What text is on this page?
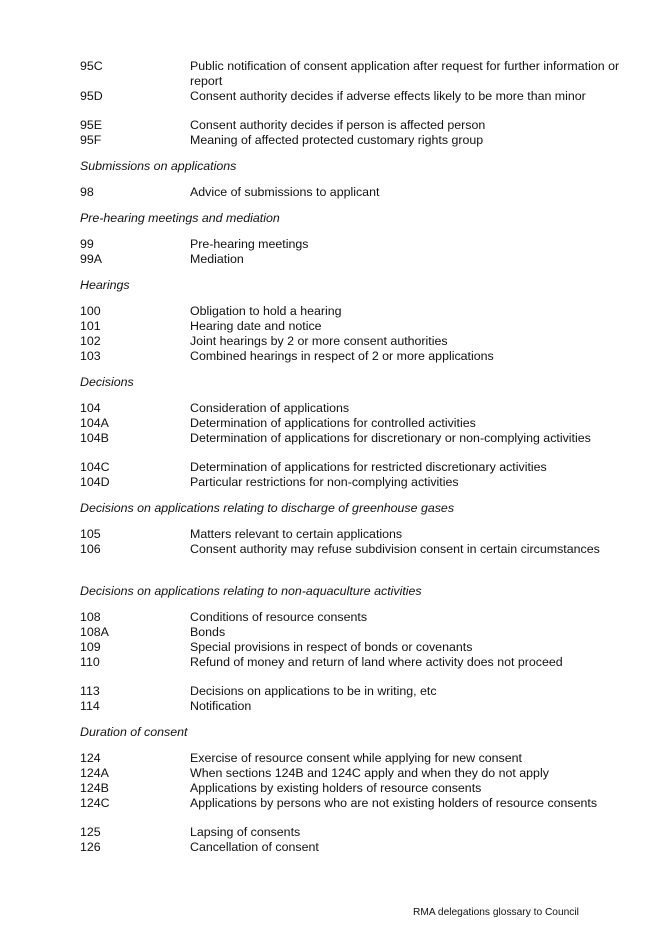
95C	Public notification of consent application after request for further information or report
95D	Consent authority decides if adverse effects likely to be more than minor
95E	Consent authority decides if person is affected person
95F	Meaning of affected protected customary rights group
Submissions on applications
98	Advice of submissions to applicant
Pre-hearing meetings and mediation
99	Pre-hearing meetings
99A	Mediation
Hearings
100	Obligation to hold a hearing
101	Hearing date and notice
102	Joint hearings by 2 or more consent authorities
103	Combined hearings in respect of 2 or more applications
Decisions
104	Consideration of applications
104A	Determination of applications for controlled activities
104B	Determination of applications for discretionary or non-complying activities
104C	Determination of applications for restricted discretionary activities
104D	Particular restrictions for non-complying activities
Decisions on applications relating to discharge of greenhouse gases
105	Matters relevant to certain applications
106	Consent authority may refuse subdivision consent in certain circumstances
Decisions on applications relating to non-aquaculture activities
108	Conditions of resource consents
108A	Bonds
109	Special provisions in respect of bonds or covenants
110	Refund of money and return of land where activity does not proceed
113	Decisions on applications to be in writing, etc
114	Notification
Duration of consent
124	Exercise of resource consent while applying for new consent
124A	When sections 124B and 124C apply and when they do not apply
124B	Applications by existing holders of resource consents
124C	Applications by persons who are not existing holders of resource consents
125	Lapsing of consents
126	Cancellation of consent
RMA delegations glossary to Council
